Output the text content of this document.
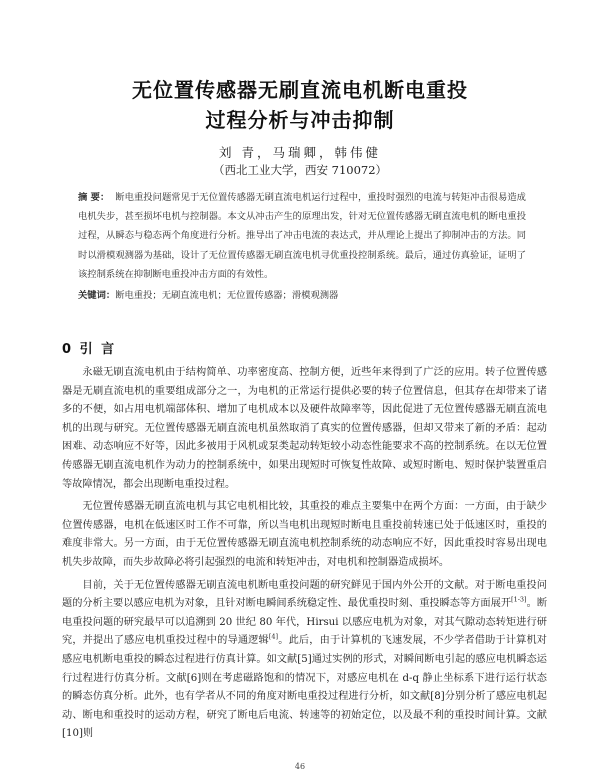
无位置传感器无刷直流电机断电重投
过程分析与冲击抑制
刘 青，马瑞卿，韩伟健
（西北工业大学，西安 710072）
摘 要： 断电重投问题常见于无位置传感器无刷直流电机运行过程中，重投时强烈的电流与转矩冲击很易造成电机失步，甚至损坏电机与控制器。本文从冲击产生的原理出发，针对无位置传感器无刷直流电机的断电重投过程，从瞬态与稳态两个角度进行分析。推导出了冲击电流的表达式，并从理论上提出了抑制冲击的方法。同时以滑模观测器为基础，设计了无位置传感器无刷直流电机寻优重投控制系统。最后，通过仿真验证，证明了该控制系统在抑制断电重投冲击方面的有效性。
关键词：断电重投；无刷直流电机；无位置传感器；滑模观测器
0 引 言

永磁无刷直流电机由于结构简单、功率密度高、控制方便，近些年来得到了广泛的应用。转子位置传感器是无刷直流电机的重要组成部分之一，为电机的正常运行提供必要的转子位置信息，但其存在却带来了诸多的不便，如占用电机端部体积、增加了电机成本以及硬件故障率等，因此促进了无位置传感器无刷直流电机的出现与研究。无位置传感器无刷直流电机虽然取消了真实的位置传感器，但却又带来了新的矛盾：起动困难、动态响应不好等，因此多被用于风机或泵类起动转矩较小动态性能要求不高的控制系统。在以无位置传感器无刷直流电机作为动力的控制系统中，如果出现短时可恢复性故障、或短时断电、短时保护装置重启等故障情况，都会出现断电重投过程。

无位置传感器无刷直流电机与其它电机相比较，其重投的难点主要集中在两个方面：一方面，由于缺少位置传感器，电机在低速区时工作不可靠，所以当电机出现短时断电且重投前转速已处于低速区时，重投的难度非常大。另一方面，由于无位置传感器无刷直流电机控制系统的动态响应不好，因此重投时容易出现电机失步故障，而失步故障必将引起强烈的电流和转矩冲击，对电机和控制器造成损坏。

目前，关于无位置传感器无刷直流电机断电重投问题的研究鲜见于国内外公开的文献。对于断电重投问题的分析主要以感应电机为对象，且针对断电瞬间系统稳定性、最优重投时刻、重投瞬态等方面展开[1-3]。断电重投问题的研究最早可以追溯到 20 世纪 80 年代，Hirsui 以感应电机为对象，对其气隙动态转矩进行研究，并提出了感应电机重投过程中的导通逻辑[4]。此后，由于计算机的飞速发展，不少学者借助于计算机对感应电机断电重投的瞬态过程进行仿真计算。如文献[5]通过实例的形式，对瞬间断电引起的感应电机瞬态运行过程进行仿真分析。文献[6]则在考虑磁路饱和的情况下，对感应电机在 d-q 静止坐标系下进行运行状态的瞬态仿真分析。此外，也有学者从不同的角度对断电重投过程进行分析，如文献[8]分别分析了感应电机起动、断电和重投时的运动方程，研究了断电后电流、转速等的初始定位，以及最不利的重投时间计算。文献[10]则

46
